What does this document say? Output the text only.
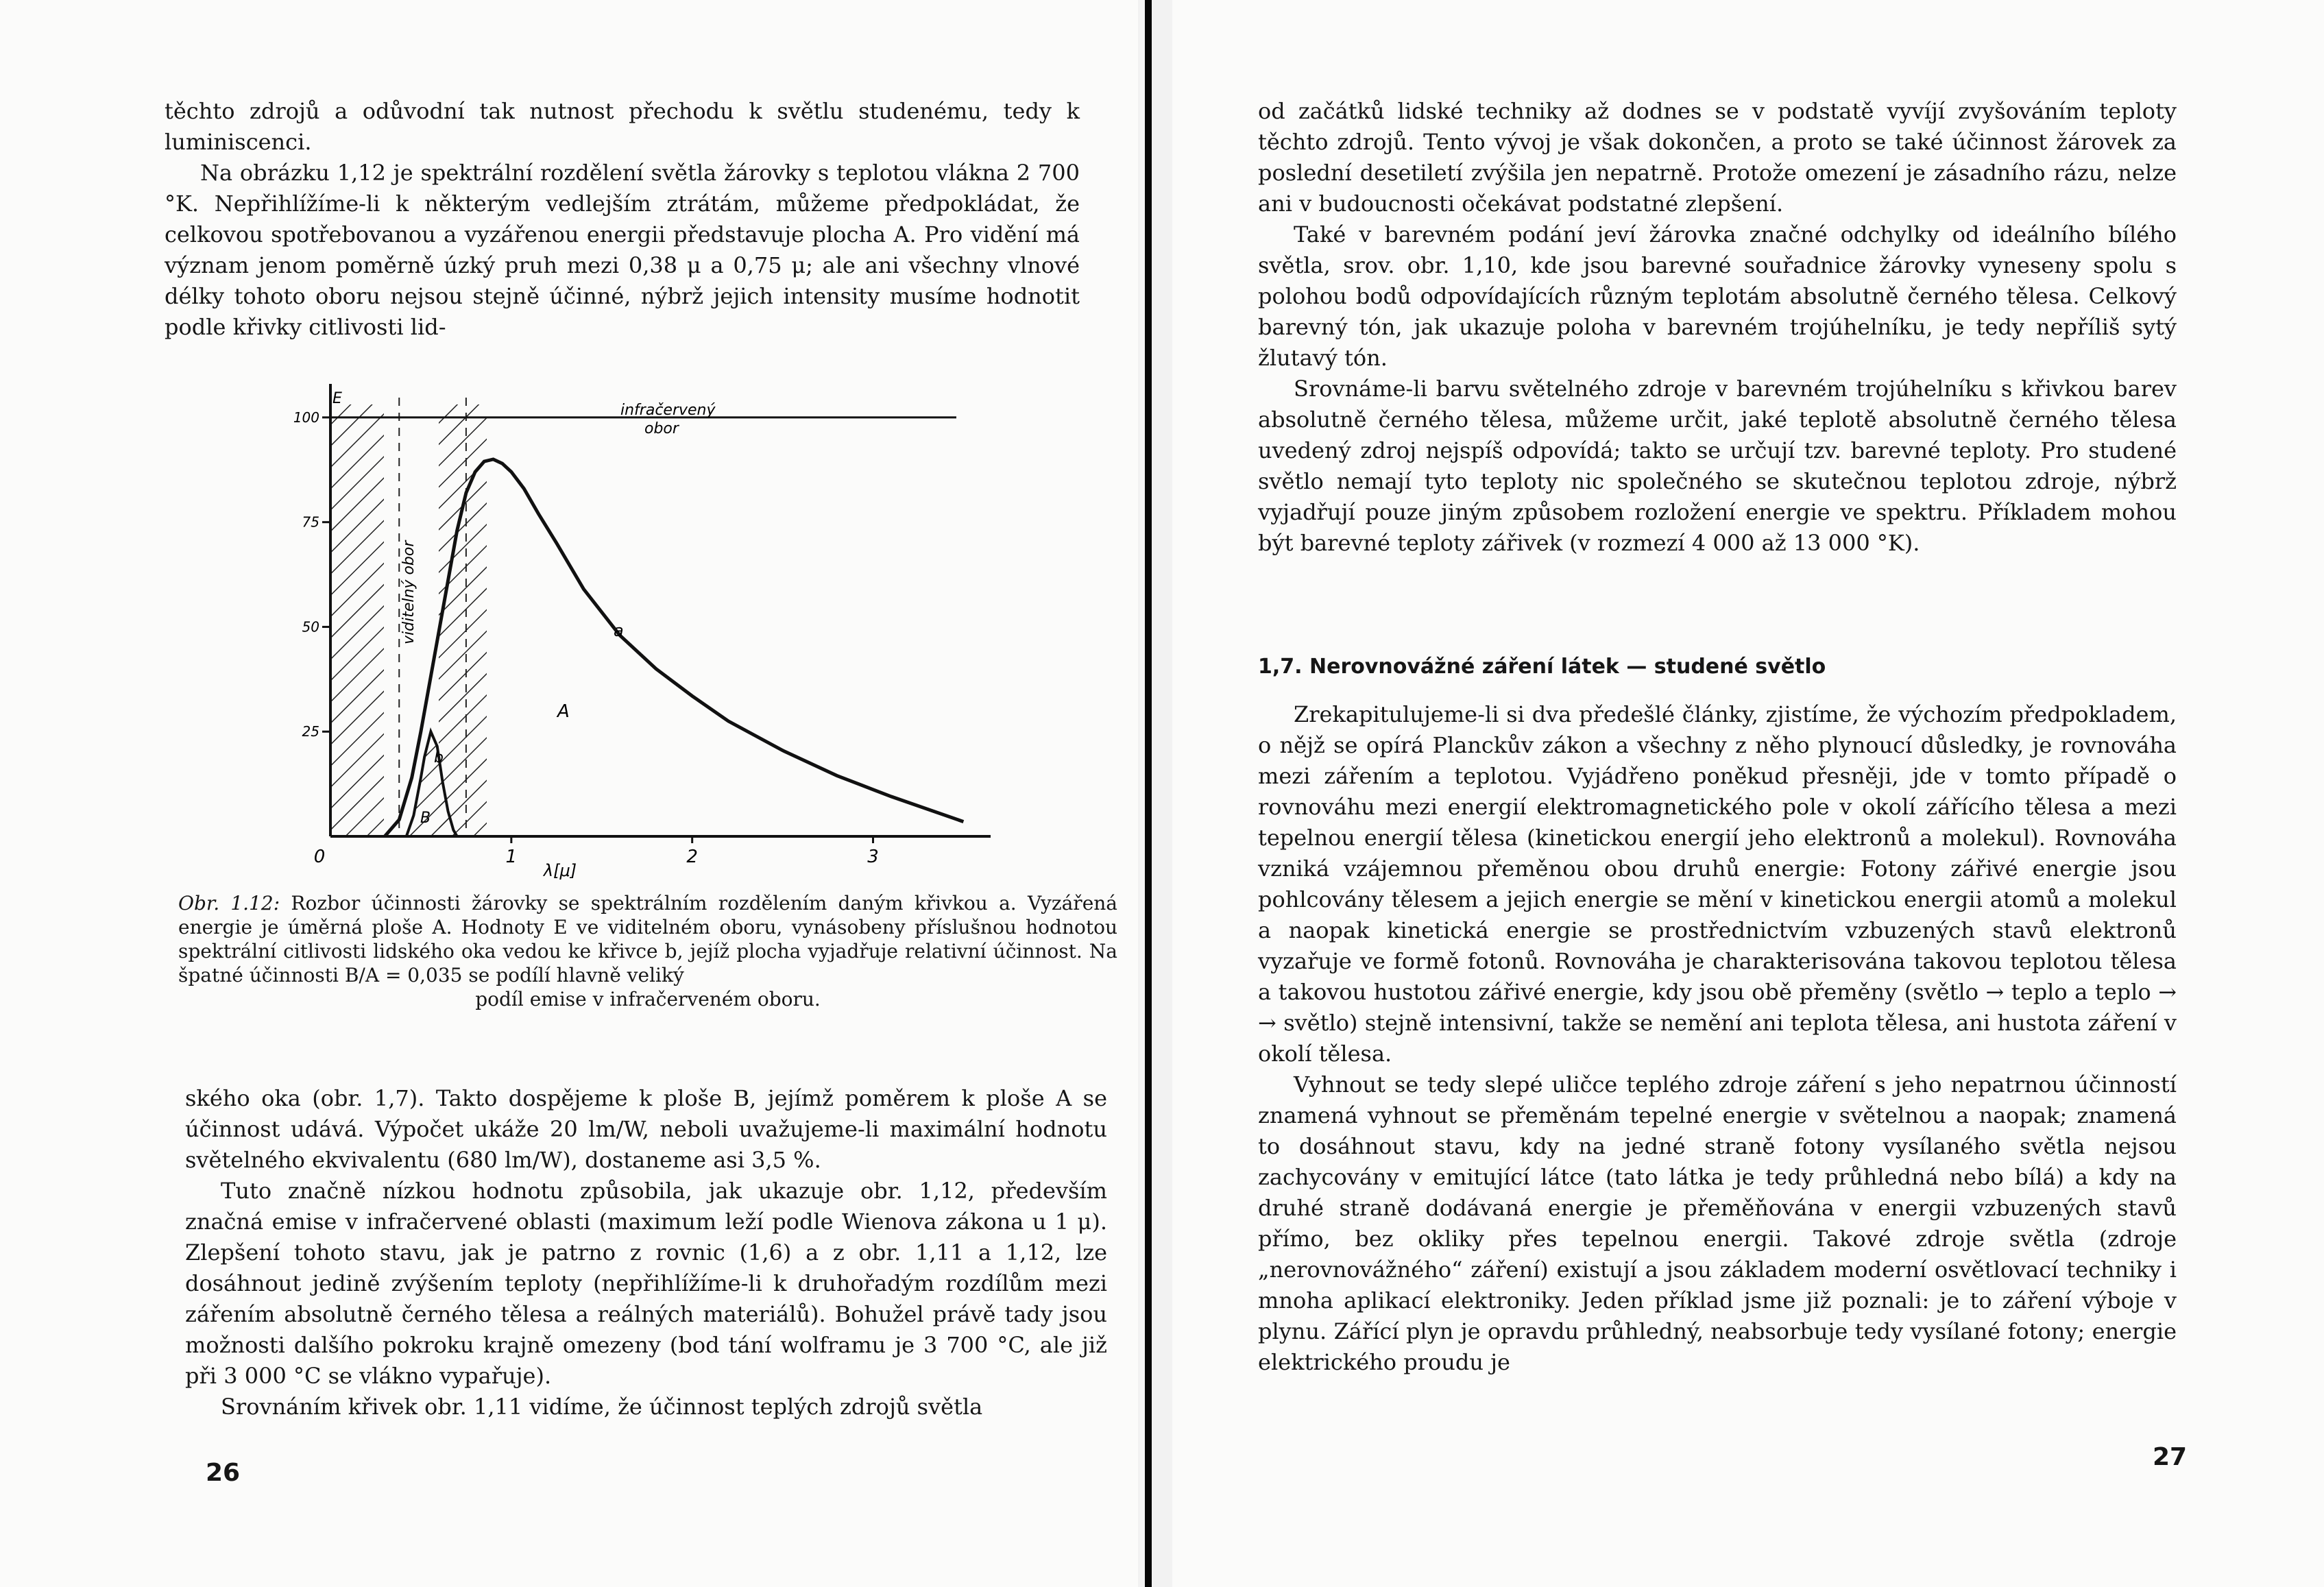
těchto zdrojů a odůvodní tak nutnost přechodu k světlu studenému, tedy k luminiscenci.

Na obrázku 1,12 je spektrální rozdělení světla žárovky s teplotou vlákna 2 700 °K. Nepřihlížíme-li k některým vedlejším ztrátám, můžeme předpokládat, že celkovou spotřebovanou a vyzářenou energii představuje plocha A. Pro vidění má význam jenom poměrně úzký pruh mezi 0,38 μ a 0,75 μ; ale ani všechny vlnové délky tohoto oboru nejsou stejně účinné, nýbrž jejich intensity musíme hodnotit podle křivky citlivosti lid-

25
50
75
100
0	1	2	3
E
λ[μ]
infračervený
obor
viditelný obor	a
b
A
B
Obr. 1.12: Rozbor účinnosti žárovky se spektrálním rozdělením daným křivkou a. Vyzářená energie je úměrná ploše A. Hodnoty E ve viditelném oboru, vynásobeny příslušnou hodnotou spektrální citlivosti lidského oka vedou ke křivce b, jejíž plocha vyjadřuje relativní účinnost. Na špatné účinnosti B/A = 0,035 se podílí hlavně veliký
podíl emise v infračerveném oboru.

ského oka (obr. 1,7). Takto dospějeme k ploše B, jejímž poměrem k ploše A se účinnost udává. Výpočet ukáže 20 lm/W, neboli uvažujeme-li maximální hodnotu světelného ekvivalentu (680 lm/W), dostaneme asi 3,5 %.

Tuto značně nízkou hodnotu způsobila, jak ukazuje obr. 1,12, především značná emise v infračervené oblasti (maximum leží podle Wienova zákona u 1 μ). Zlepšení tohoto stavu, jak je patrno z rovnic (1,6) a z obr. 1,11 a 1,12, lze dosáhnout jedině zvýšením teploty (nepřihlížíme-li k druhořadým rozdílům mezi zářením absolutně černého tělesa a reálných materiálů). Bohužel právě tady jsou možnosti dalšího pokroku krajně omezeny (bod tání wolframu je 3 700 °C, ale již při 3 000 °C se vlákno vypařuje).

Srovnáním křivek obr. 1,11 vidíme, že účinnost teplých zdrojů světla

26

od začátků lidské techniky až dodnes se v podstatě vyvíjí zvyšováním teploty těchto zdrojů. Tento vývoj je však dokončen, a proto se také účinnost žárovek za poslední desetiletí zvýšila jen nepatrně. Protože omezení je zásadního rázu, nelze ani v budoucnosti očekávat podstatné zlepšení.

Také v barevném podání jeví žárovka značné odchylky od ideálního bílého světla, srov. obr. 1,10, kde jsou barevné souřadnice žárovky vyneseny spolu s polohou bodů odpovídajících různým teplotám absolutně černého tělesa. Celkový barevný tón, jak ukazuje poloha v barevném trojúhelníku, je tedy nepříliš sytý žlutavý tón.

Srovnáme-li barvu světelného zdroje v barevném trojúhelníku s křivkou barev absolutně černého tělesa, můžeme určit, jaké teplotě absolutně černého tělesa uvedený zdroj nejspíš odpovídá; takto se určují tzv. barevné teploty. Pro studené světlo nemají tyto teploty nic společného se skutečnou teplotou zdroje, nýbrž vyjadřují pouze jiným způsobem rozložení energie ve spektru. Příkladem mohou být barevné teploty zářivek (v rozmezí 4 000 až 13 000 °K).

1,7. Nerovnovážné záření látek — studené světlo

Zrekapitulujeme-li si dva předešlé články, zjistíme, že výchozím předpokladem, o nějž se opírá Planckův zákon a všechny z něho plynoucí důsledky, je rovnováha mezi zářením a teplotou. Vyjádřeno poněkud přesněji, jde v tomto případě o rovnováhu mezi energií elektromagnetického pole v okolí zářícího tělesa a mezi tepelnou energií tělesa (kinetickou energií jeho elektronů a molekul). Rovnováha vzniká vzájemnou přeměnou obou druhů energie: Fotony zářivé energie jsou pohlcovány tělesem a jejich energie se mění v kinetickou energii atomů a molekul a naopak kinetická energie se prostřednictvím vzbuzených stavů elektronů vyzařuje ve formě fotonů. Rovnováha je charakterisována takovou teplotou tělesa a takovou hustotou zářivé energie, kdy jsou obě přeměny (světlo → teplo a teplo → → světlo) stejně intensivní, takže se nemění ani teplota tělesa, ani hustota záření v okolí tělesa.

Vyhnout se tedy slepé uličce teplého zdroje záření s jeho nepatrnou účinností znamená vyhnout se přeměnám tepelné energie v světelnou a naopak; znamená to dosáhnout stavu, kdy na jedné straně fotony vysílaného světla nejsou zachycovány v emitující látce (tato látka je tedy průhledná nebo bílá) a kdy na druhé straně dodávaná energie je přeměňována v energii vzbuzených stavů přímo, bez okliky přes tepelnou energii. Takové zdroje světla (zdroje „nerovnovážného“ záření) existují a jsou základem moderní osvětlovací techniky i mnoha aplikací elektroniky. Jeden příklad jsme již poznali: je to záření výboje v plynu. Zářící plyn je opravdu průhledný, neabsorbuje tedy vysílané fotony; energie elektrického proudu je

27
